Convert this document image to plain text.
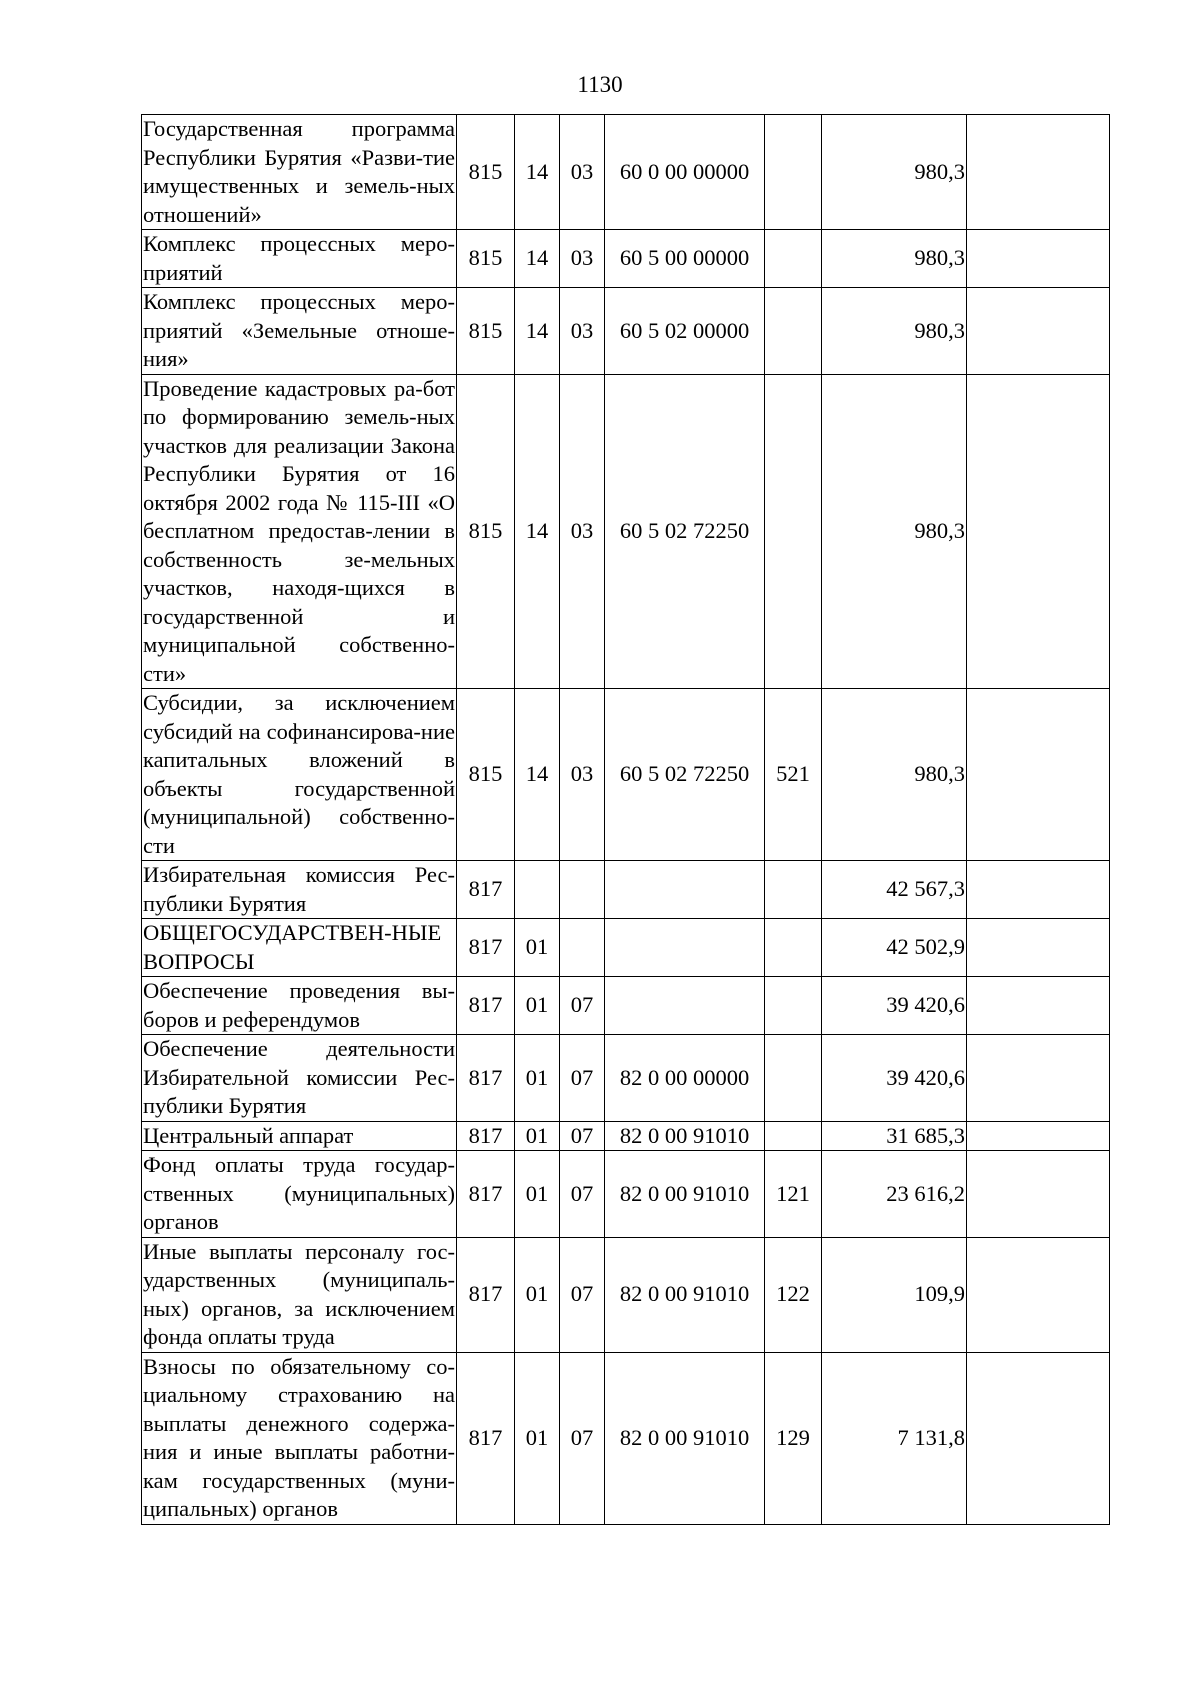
1130
Государственная программа Республики Бурятия «Разви-тие имущественных и земель-ных отношений»	815	14	03	60 0 00 00000		980,3	
Комплекс процессных меро-приятий	815	14	03	60 5 00 00000		980,3	
Комплекс процессных меро-приятий «Земельные отноше-ния»	815	14	03	60 5 02 00000		980,3	
Проведение кадастровых ра-бот по формированию земель-ных участков для реализации Закона Республики Бурятия от 16 октября 2002 года № 115-III «О бесплатном предостав-лении в собственность зе-мельных участков, находя-щихся в государственной и муниципальной собственно-сти»	815	14	03	60 5 02 72250		980,3	
Субсидии, за исключением субсидий на софинансирова-ние капитальных вложений в объекты государственной (муниципальной) собственно-сти	815	14	03	60 5 02 72250	521	980,3	
Избирательная комиссия Рес-публики Бурятия	817					42 567,3	
ОБЩЕГОСУДАРСТВЕН-НЫЕ ВОПРОСЫ	817	01				42 502,9	
Обеспечение проведения вы-боров и референдумов	817	01	07			39 420,6	
Обеспечение деятельности Избирательной комиссии Рес-публики Бурятия	817	01	07	82 0 00 00000		39 420,6	
Центральный аппарат	817	01	07	82 0 00 91010		31 685,3	
Фонд оплаты труда государ-ственных (муниципальных) органов	817	01	07	82 0 00 91010	121	23 616,2	
Иные выплаты персоналу гос-ударственных (муниципаль-ных) органов, за исключением фонда оплаты труда	817	01	07	82 0 00 91010	122	109,9	
Взносы по обязательному со-циальному страхованию на выплаты денежного содержа-ния и иные выплаты работни-кам государственных (муни-ципальных) органов	817	01	07	82 0 00 91010	129	7 131,8	
